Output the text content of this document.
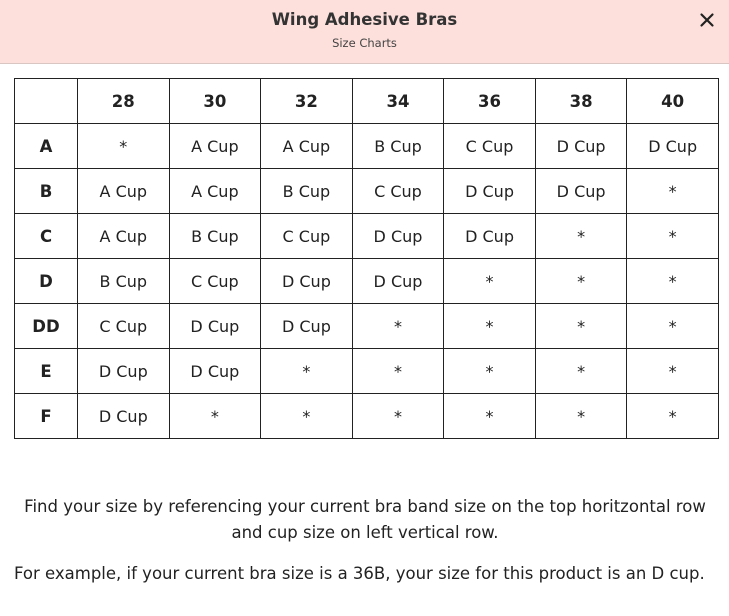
Wing Adhesive Bras
Size Charts
	28	30	32	34	36	38	40
A	*	A Cup	A Cup	B Cup	C Cup	D Cup	D Cup
B	A Cup	A Cup	B Cup	C Cup	D Cup	D Cup	*
C	A Cup	B Cup	C Cup	D Cup	D Cup	*	*
D	B Cup	C Cup	D Cup	D Cup	*	*	*
DD	C Cup	D Cup	D Cup	*	*	*	*
E	D Cup	D Cup	*	*	*	*	*
F	D Cup	*	*	*	*	*	*
Find your size by referencing your current bra band size on the top horitzontal row and cup size on left vertical row.
For example, if your current bra size is a 36B, your size for this product is an D cup.
